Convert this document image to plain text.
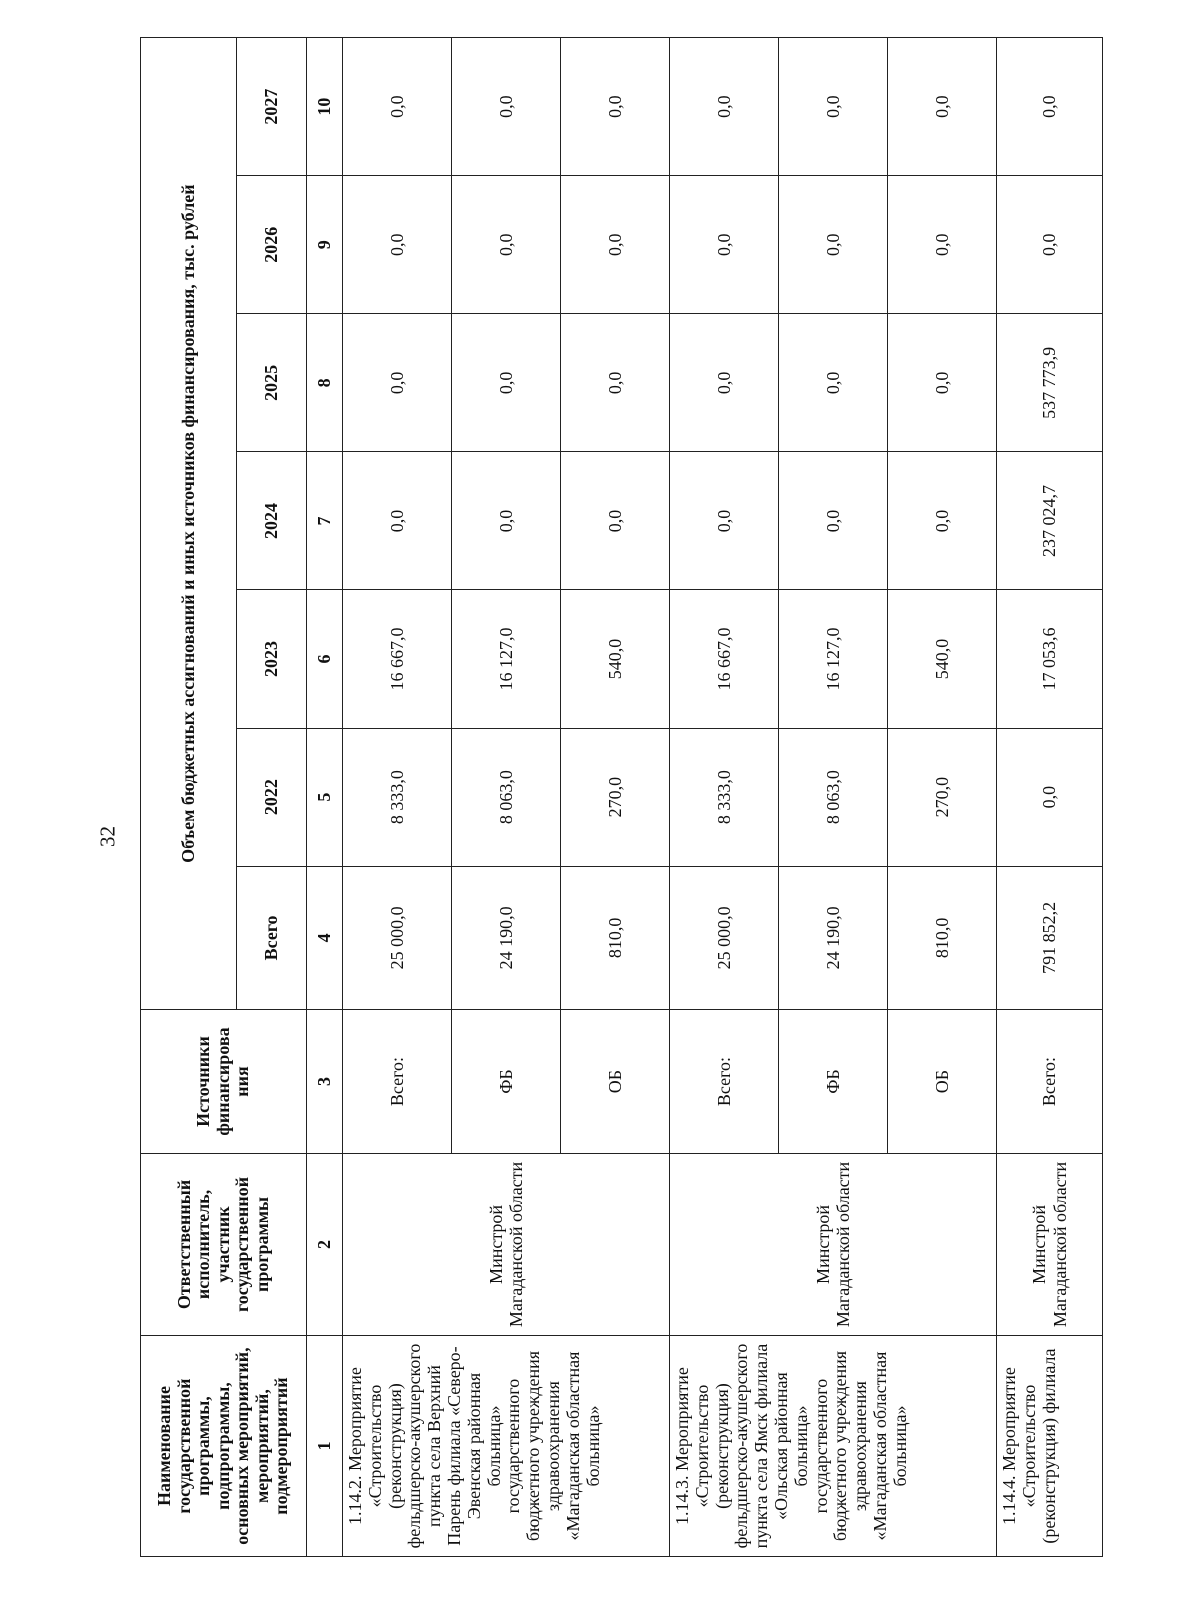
32
Наименование государственной программы, подпрограммы, основных мероприятий, мероприятий, подмероприятий	Ответственный исполнитель, участник государственной программы	Источники финансирова ния	Объем бюджетных ассигнований и иных источников финансирования, тыс. рублей						
			Всего	2022	2023	2024	2025	2026	2027
1	2	3	4	5	6	7	8	9	10
1.14.2. Мероприятие «Строительство (реконструкция) фельдшерско-акушерского пункта села Верхний Парень филиала «Северо-Эвенская районная больница» государственного бюджетного учреждения здравоохранения «Магаданская областная больница»	Минстрой Магаданской области	Всего:	25 000,0	8 333,0	16 667,0	0,0	0,0	0,0	0,0
		ФБ	24 190,0	8 063,0	16 127,0	0,0	0,0	0,0	0,0
		ОБ	810,0	270,0	540,0	0,0	0,0	0,0	0,0
1.14.3. Мероприятие «Строительство (реконструкция) фельдшерско-акушерского пункта села Ямск филиала «Ольская районная больница» государственного бюджетного учреждения здравоохранения «Магаданская областная больница»	Минстрой Магаданской области	Всего:	25 000,0	8 333,0	16 667,0	0,0	0,0	0,0	0,0
		ФБ	24 190,0	8 063,0	16 127,0	0,0	0,0	0,0	0,0
		ОБ	810,0	270,0	540,0	0,0	0,0	0,0	0,0
1.14.4. Мероприятие «Строительство (реконструкция) филиала	Минстрой Магаданской области	Всего:	791 852,2	0,0	17 053,6	237 024,7	537 773,9	0,0	0,0
